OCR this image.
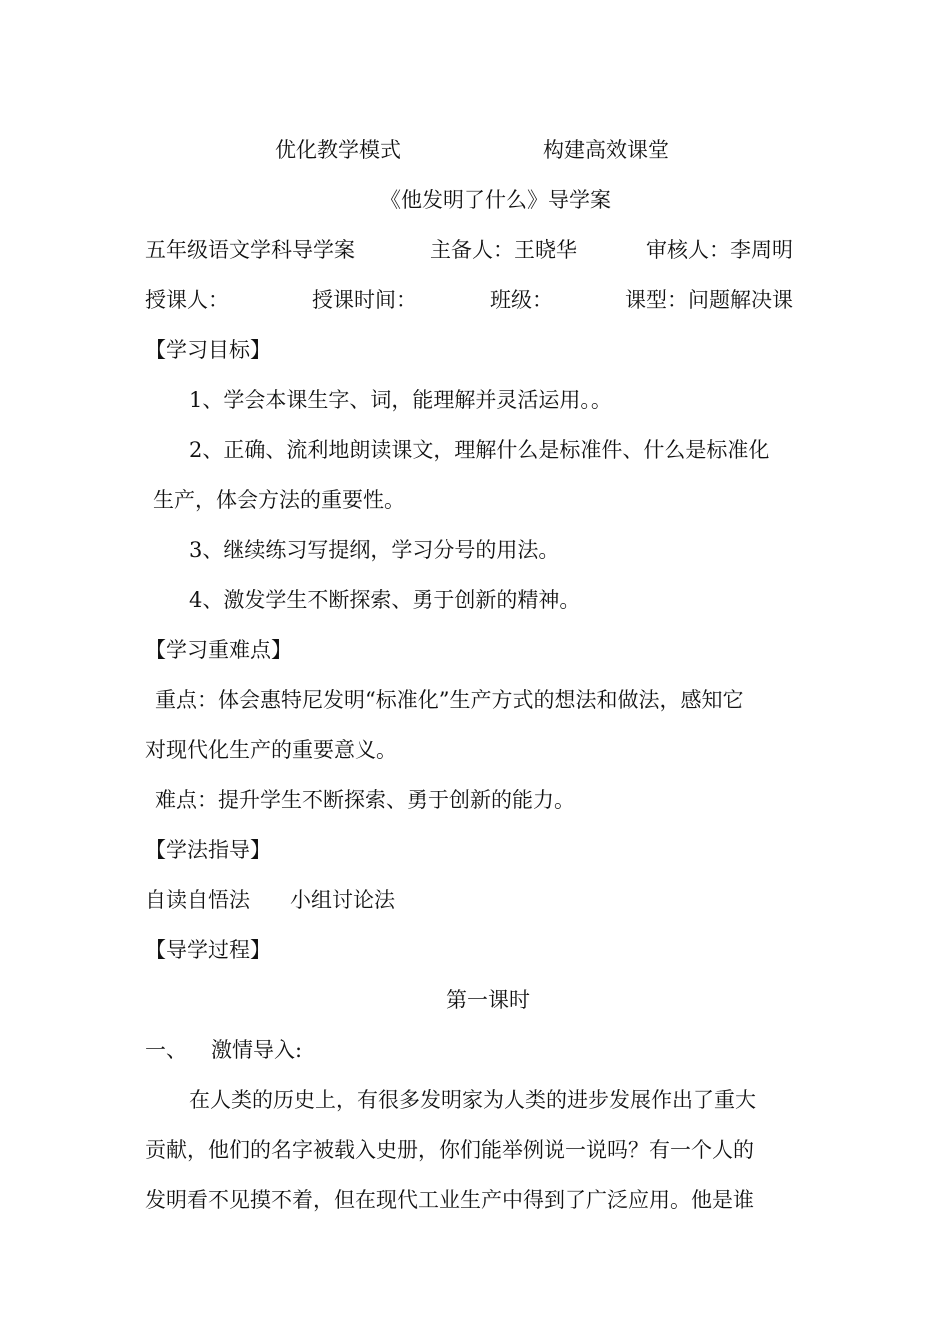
优化教学模式	构建高效课堂
《他发明了什么》导学案
五年级语文学科导学案	主备人：王晓华	审核人：李周明
授课人：	授课时间：	班级：	课型：问题解决课
【学习目标】
1、学会本课生字、词，能理解并灵活运用。。
2、正确、流利地朗读课文，理解什么是标准件、什么是标准化
生产，体会方法的重要性。
3、继续练习写提纲，学习分号的用法。
4、激发学生不断探索、勇于创新的精神。
【学习重难点】
重点：体会惠特尼发明“标准化”生产方式的想法和做法，感知它
对现代化生产的重要意义。
难点：提升学生不断探索、勇于创新的能力。
【学法指导】
自读自悟法 小组讨论法
【导学过程】
第一课时
一、 激情导入:
在人类的历史上，有很多发明家为人类的进步发展作出了重大
贡献，他们的名字被载入史册，你们能举例说一说吗？有一个人的
发明看不见摸不着，但在现代工业生产中得到了广泛应用。他是谁
